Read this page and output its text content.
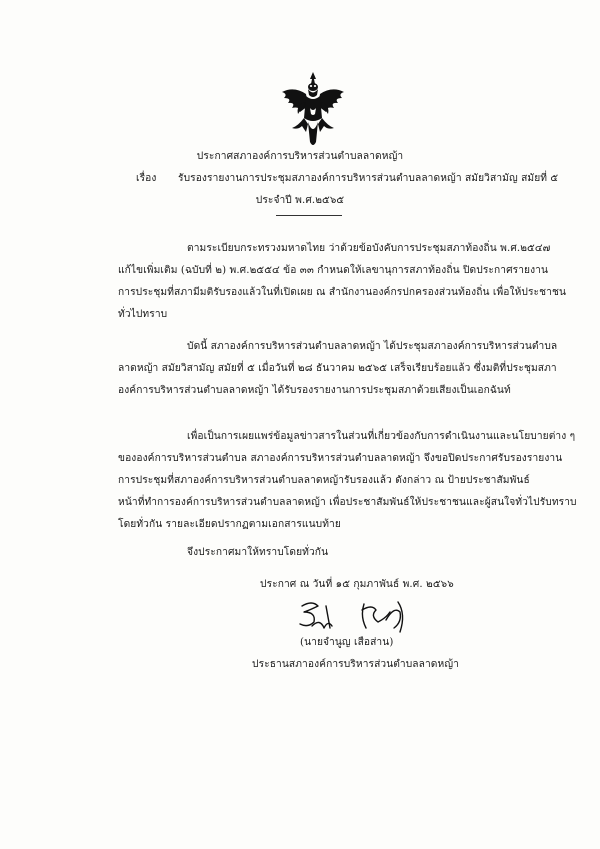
ประกาศสภาองค์การบริหารส่วนตำบลลาดหญ้า
เรื่อง รับรองรายงานการประชุมสภาองค์การบริหารส่วนตำบลลาดหญ้า สมัยวิสามัญ สมัยที่ ๕
ประจำปี พ.ศ.๒๕๖๕
ตามระเบียบกระทรวงมหาดไทย ว่าด้วยข้อบังคับการประชุมสภาท้องถิ่น พ.ศ.๒๕๔๗
แก้ไขเพิ่มเติม (ฉบับที่ ๒) พ.ศ.๒๕๕๔ ข้อ ๓๓ กำหนดให้เลขานุการสภาท้องถิ่น ปิดประกาศรายงาน
การประชุมที่สภามีมติรับรองแล้วในที่เปิดเผย ณ สำนักงานองค์กรปกครองส่วนท้องถิ่น เพื่อให้ประชาชน
ทั่วไปทราบ
บัดนี้ สภาองค์การบริหารส่วนตำบลลาดหญ้า ได้ประชุมสภาองค์การบริหารส่วนตำบล
ลาดหญ้า สมัยวิสามัญ สมัยที่ ๕ เมื่อวันที่ ๒๘ ธันวาคม ๒๕๖๕ เสร็จเรียบร้อยแล้ว ซึ่งมติที่ประชุมสภา
องค์การบริหารส่วนตำบลลาดหญ้า ได้รับรองรายงานการประชุมสภาด้วยเสียงเป็นเอกฉันท์
เพื่อเป็นการเผยแพร่ข้อมูลข่าวสารในส่วนที่เกี่ยวข้องกับการดำเนินงานและนโยบายต่าง ๆ
ขององค์การบริหารส่วนตำบล สภาองค์การบริหารส่วนตำบลลาดหญ้า จึงขอปิดประกาศรับรองรายงาน
การประชุมที่สภาองค์การบริหารส่วนตำบลลาดหญ้ารับรองแล้ว ดังกล่าว ณ ป้ายประชาสัมพันธ์
หน้าที่ทำการองค์การบริหารส่วนตำบลลาดหญ้า เพื่อประชาสัมพันธ์ให้ประชาชนและผู้สนใจทั่วไปรับทราบ
โดยทั่วกัน รายละเอียดปรากฏตามเอกสารแนบท้าย
จึงประกาศมาให้ทราบโดยทั่วกัน
ประกาศ ณ วันที่ ๑๕ กุมภาพันธ์ พ.ศ. ๒๕๖๖
(นายจำนูญ เสือส่าน)
ประธานสภาองค์การบริหารส่วนตำบลลาดหญ้า
